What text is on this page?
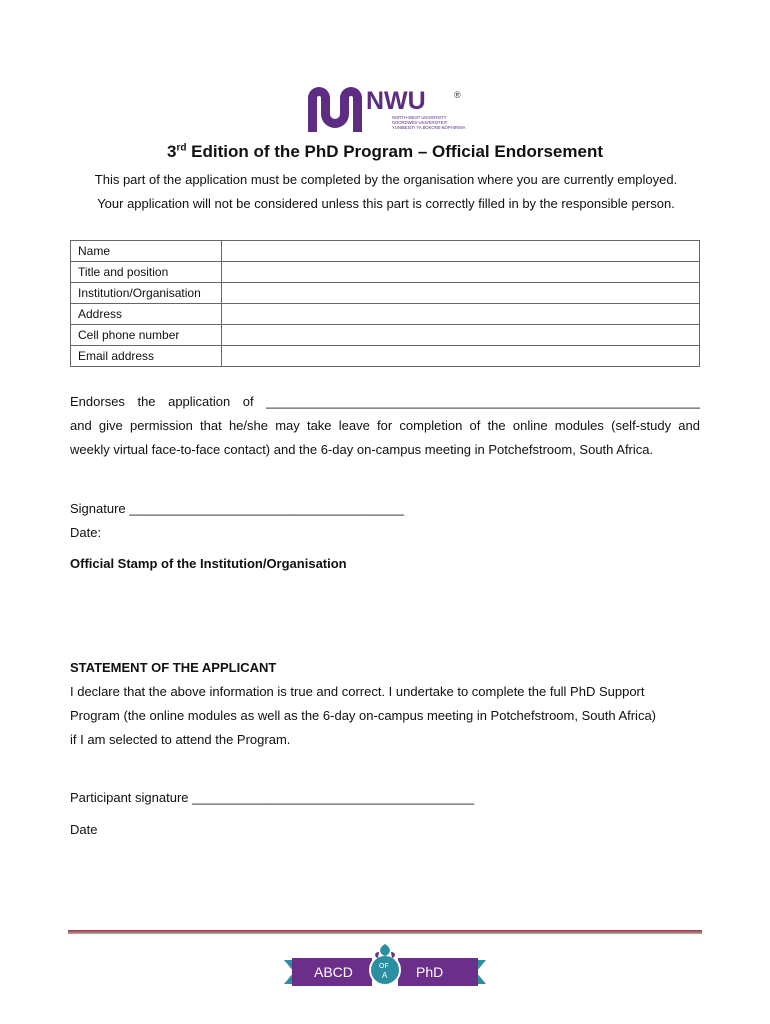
NWU	®
NORTH-WEST UNIVERSITY
NOORDWES-UNIVERSITEIT
YUNIBESITI YA BOKONE-BOPHIRIMA
3rd Edition of the PhD Program – Official Endorsement

This part of the application must be completed by the organisation where you are currently employed.

Your application will not be considered unless this part is correctly filled in by the responsible person.

Name	
Title and position	
Institution/Organisation	
Address	
Cell phone number	
Email address	

Endorses the application of ____________________________________________________________

and give permission that he/she may take leave for completion of the online modules (self-study and

weekly virtual face-to-face contact) and the 6-day on-campus meeting in Potchefstroom, South Africa.

Signature ______________________________________
Date:
Official Stamp of the Institution/Organisation

STATEMENT OF THE APPLICANT

I declare that the above information is true and correct. I undertake to complete the full PhD Support

Program (the online modules as well as the 6-day on-campus meeting in Potchefstroom, South Africa)

if I am selected to attend the Program.

Participant signature _______________________________________
Date
ABCD	OF
A PhD
